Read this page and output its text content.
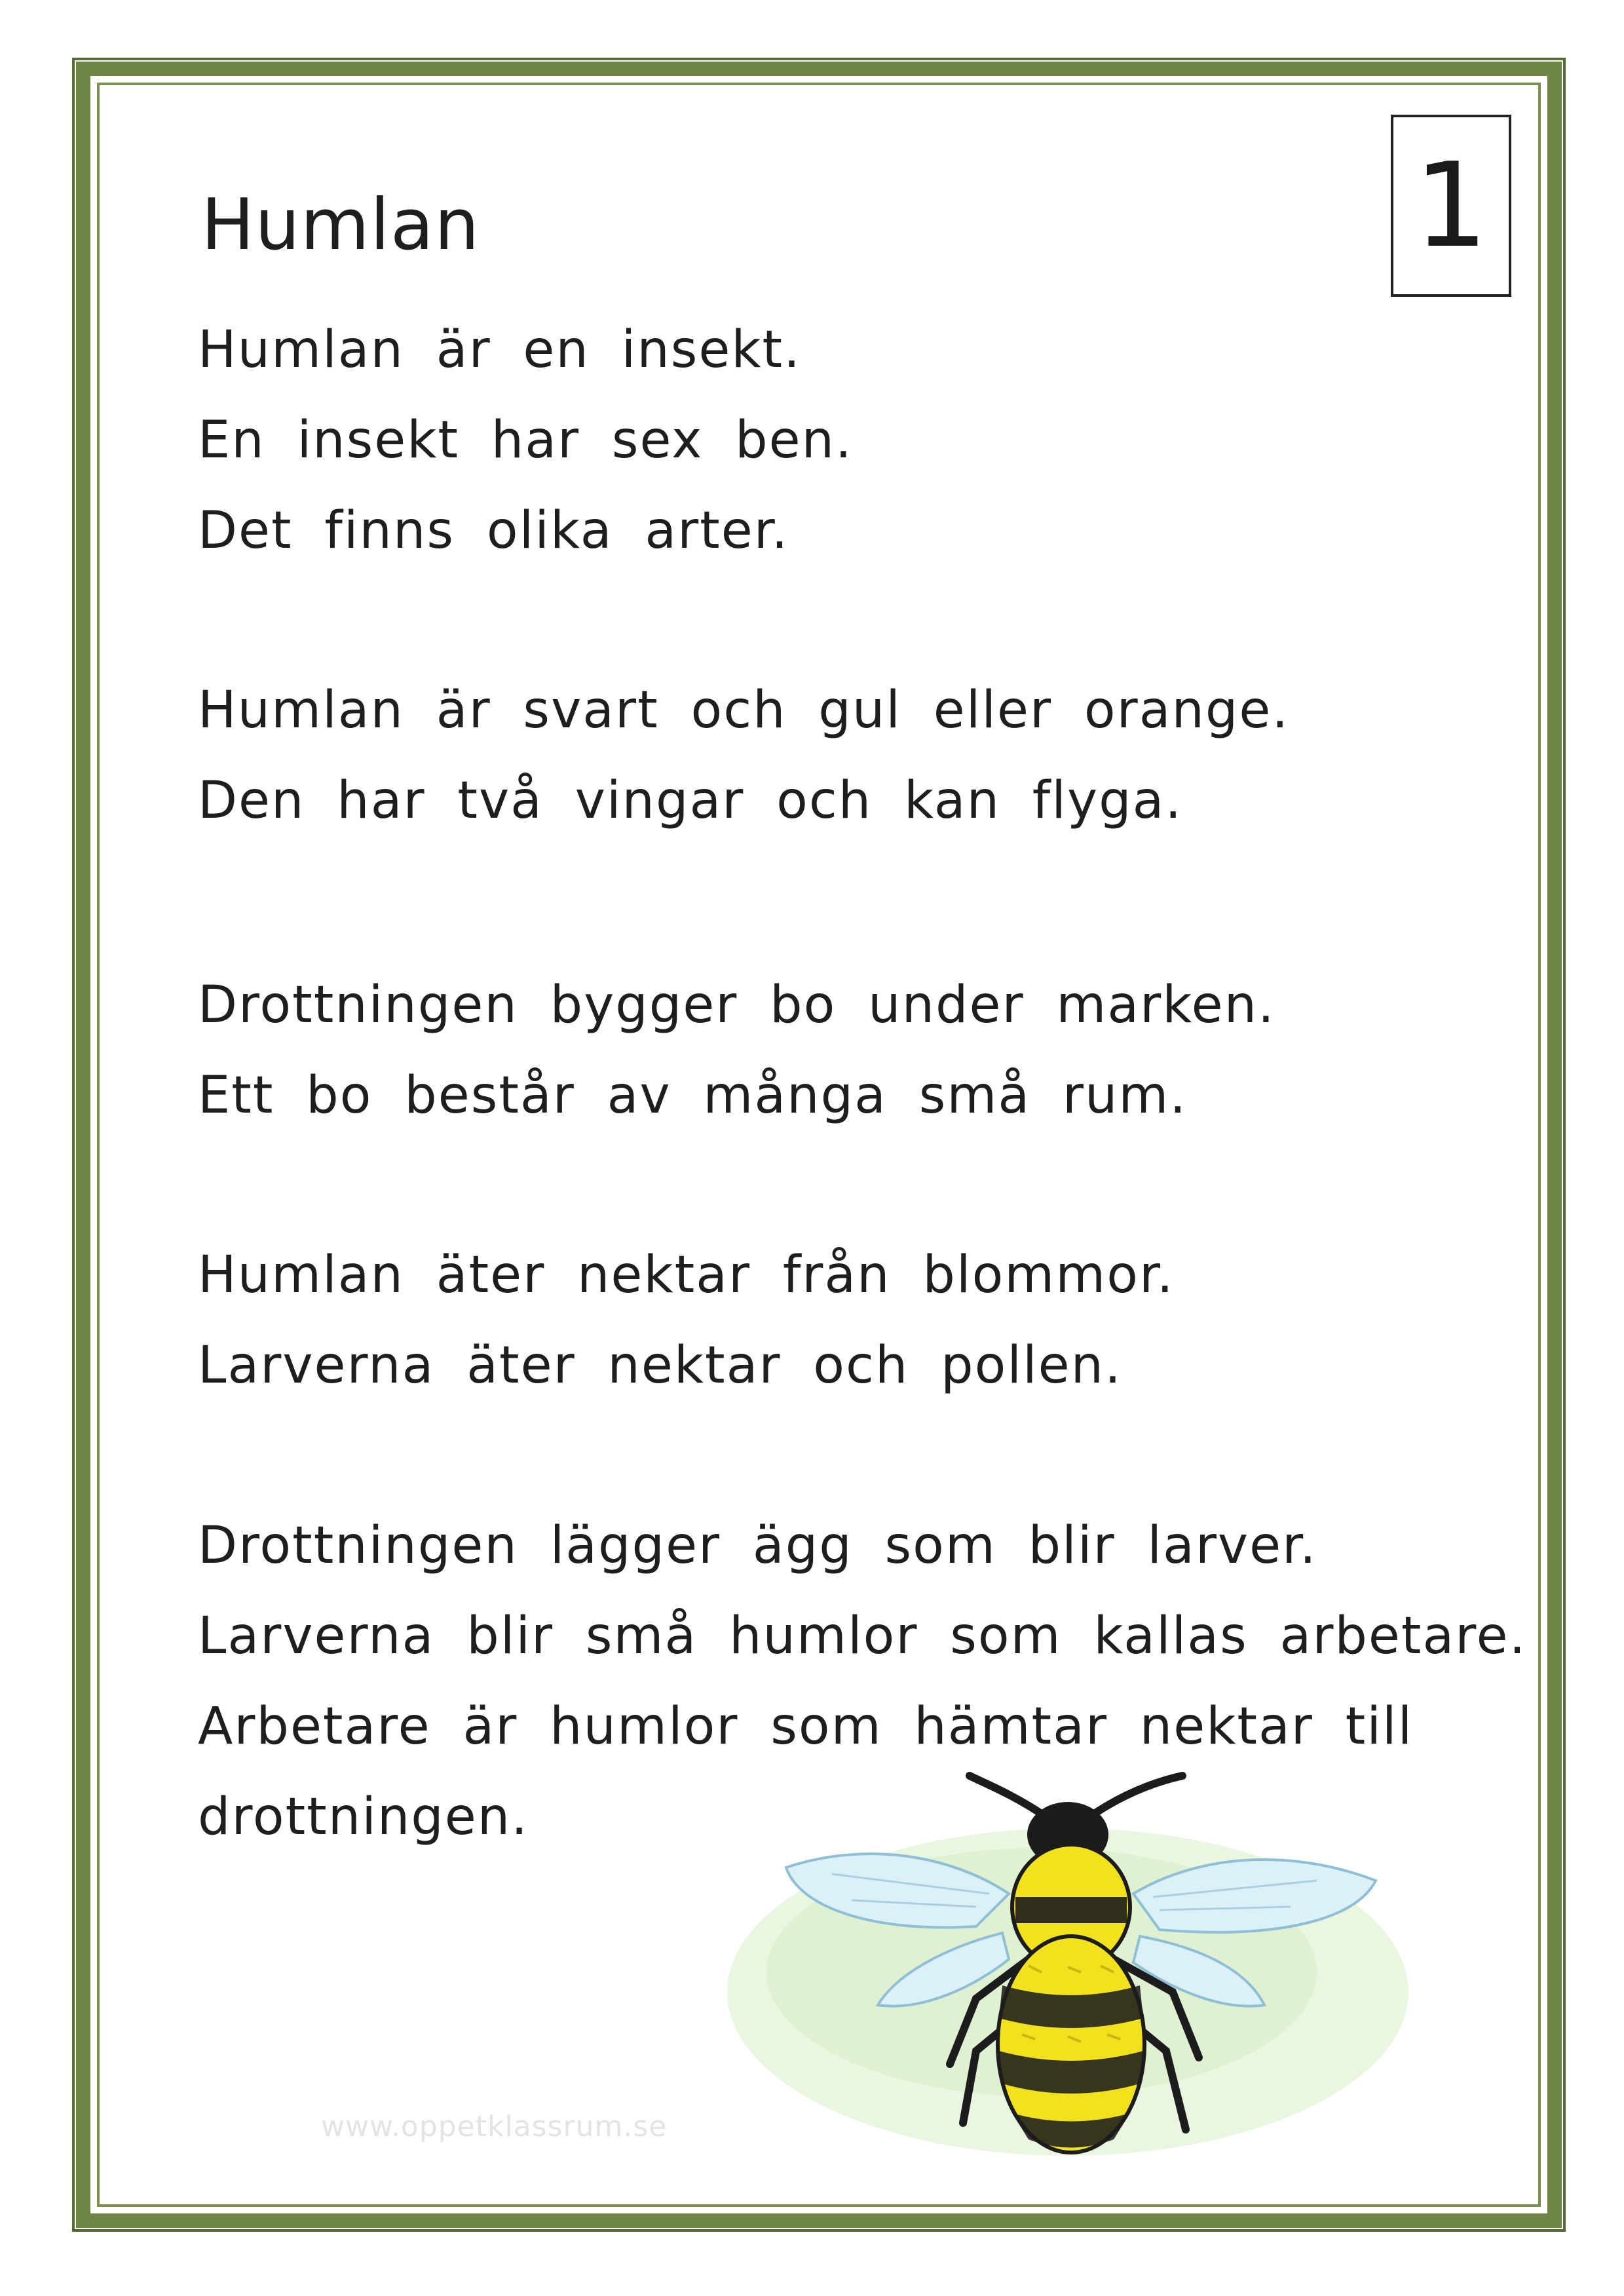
1
Humlan
Humlan är en insekt.
En insekt har sex ben.
Det finns olika arter.
Humlan är svart och gul eller orange.
Den har två vingar och kan flyga.
Drottningen bygger bo under marken.
Ett bo består av många små rum.
Humlan äter nektar från blommor.
Larverna äter nektar och pollen.
Drottningen lägger ägg som blir larver.
Larverna blir små humlor som kallas arbetare.
Arbetare är humlor som hämtar nektar till
drottningen.
www.oppetklassrum.se
